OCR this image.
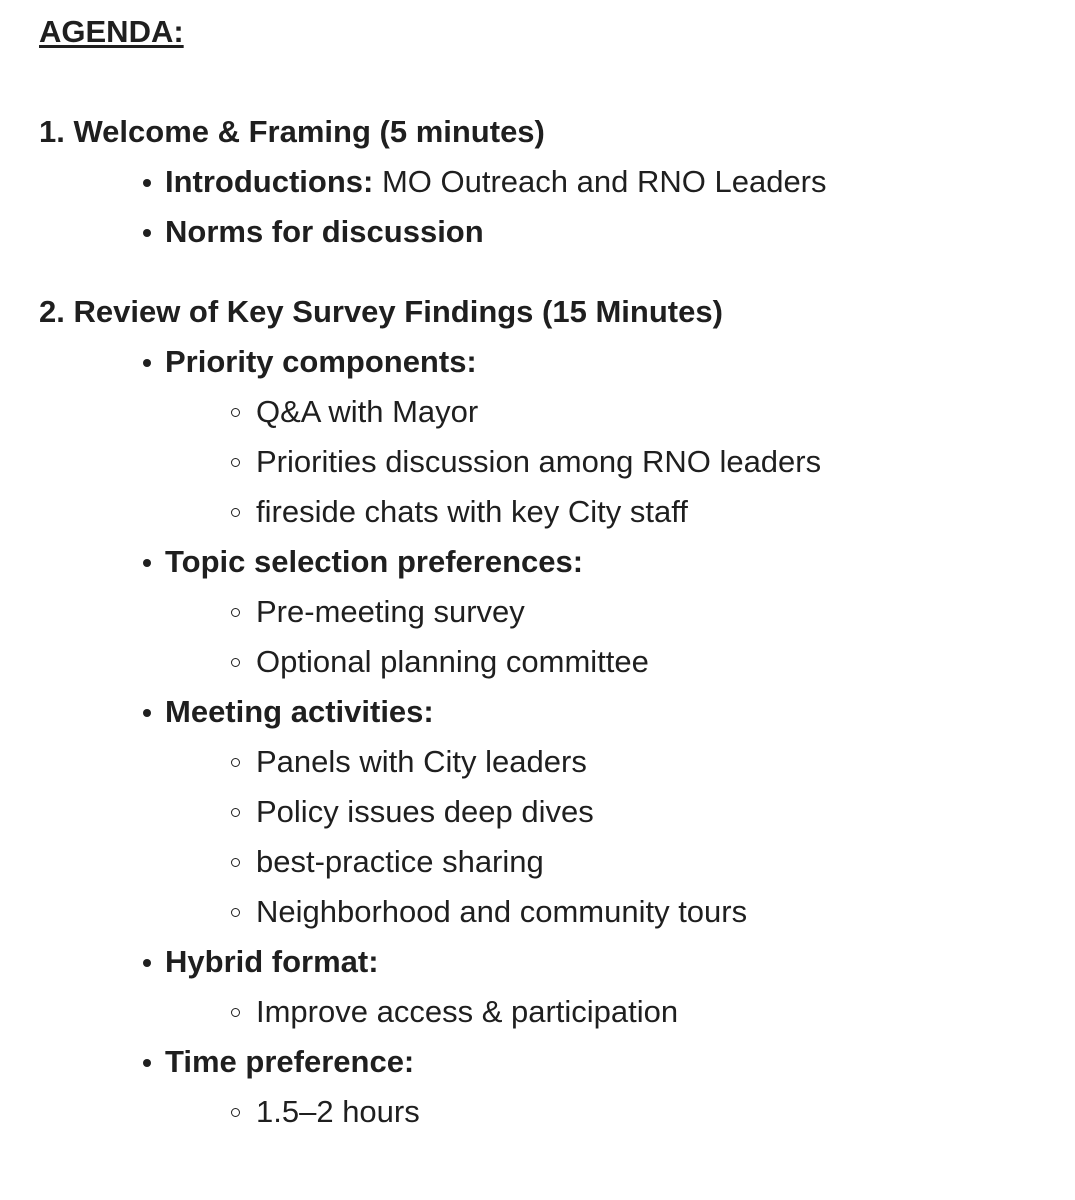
AGENDA:
1. Welcome & Framing (5 minutes)
Introductions: MO Outreach and RNO Leaders
Norms for discussion
2. Review of Key Survey Findings (15 Minutes)
Priority components:
Q&A with Mayor
Priorities discussion among RNO leaders
fireside chats with key City staff
Topic selection preferences:
Pre-meeting survey
Optional planning committee
Meeting activities:
Panels with City leaders
Policy issues deep dives
best-practice sharing
Neighborhood and community tours
Hybrid format:
Improve access & participation
Time preference:
1.5–2 hours
